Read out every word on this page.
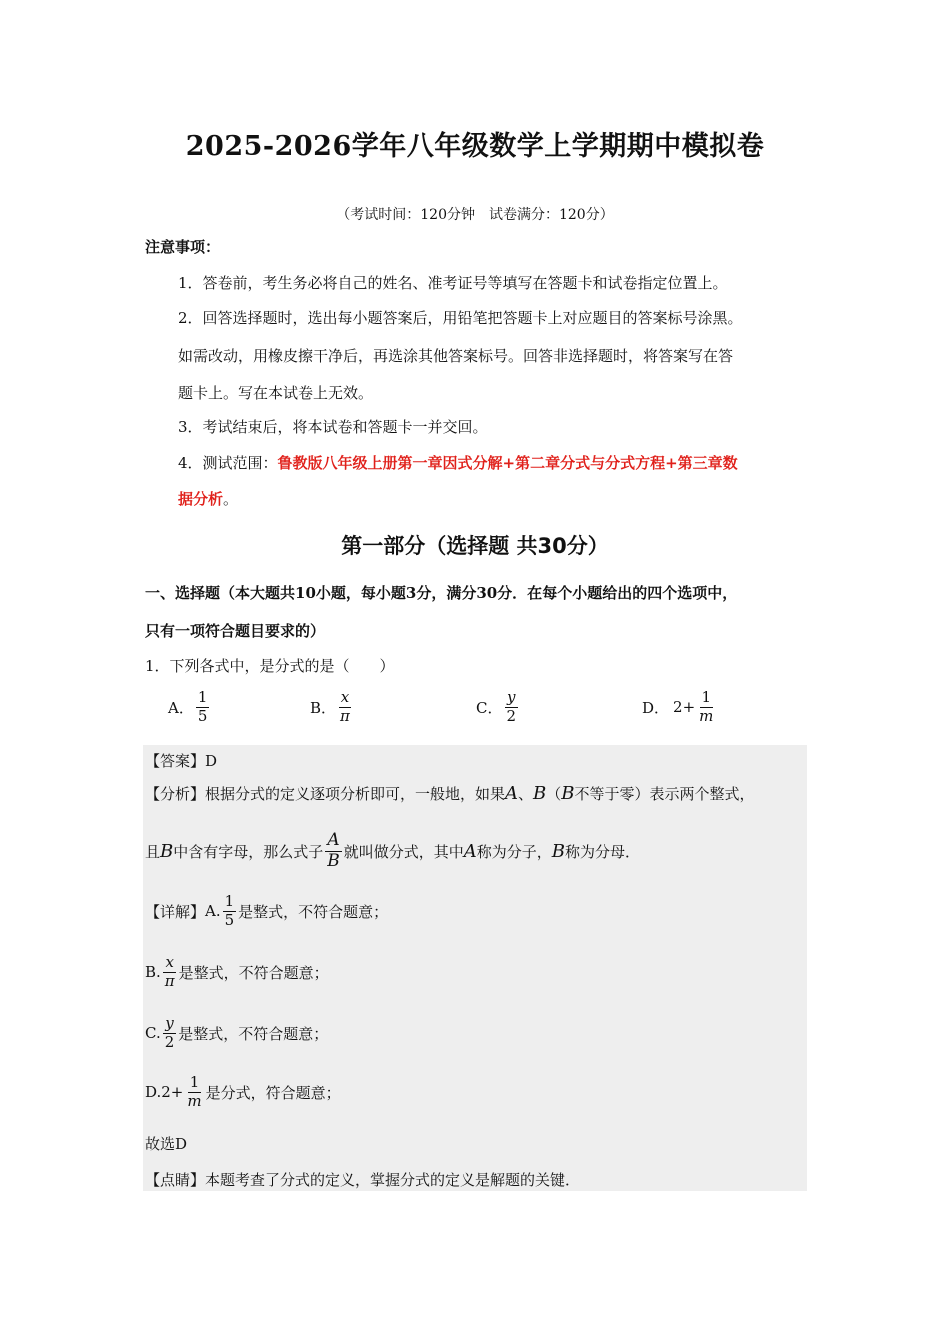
2025-2026学年八年级数学上学期期中模拟卷
（考试时间：120分钟　试卷满分：120分）
注意事项：
1．答卷前，考生务必将自己的姓名、准考证号等填写在答题卡和试卷指定位置上。
2．回答选择题时，选出每小题答案后，用铅笔把答题卡上对应题目的答案标号涂黑。
如需改动，用橡皮擦干净后，再选涂其他答案标号。回答非选择题时，将答案写在答
题卡上。写在本试卷上无效。
3．考试结束后，将本试卷和答题卡一并交回。
4．测试范围：鲁教版八年级上册第一章因式分解+第二章分式与分式方程+第三章数
据分析。
第一部分（选择题 共30分）
一、选择题（本大题共10小题，每小题3分，满分30分．在每个小题给出的四个选项中，
只有一项符合题目要求的）
1．下列各式中，是分式的是（　　）
A． $\frac{1}{5}$	B． $\frac{x}{\pi}$	C． $\frac{y}{2}$	D． $2+ \frac{1}{m}$
【答案】 D
【分析】 根据分式的定义逐项分析即可，一般地，如果 A 、 B （ B 不等于零）表示两个整式，
且 B 中含有字母，那么式子 $\frac{A}{B}$ 就叫做分式，其中 A 称为分子， B 称为分母．
【详解】 A. $\frac{1}{5}$ 是整式，不符合题意；
B. $\frac{x}{\pi}$ 是整式，不符合题意；
C. $\frac{y}{2}$ 是整式，不符合题意；
$D.2+ \frac{1}{m}$ 是分式，符合题意；
故选D
【点睛】 本题考查了分式的定义，掌握分式的定义是解题的关键．
